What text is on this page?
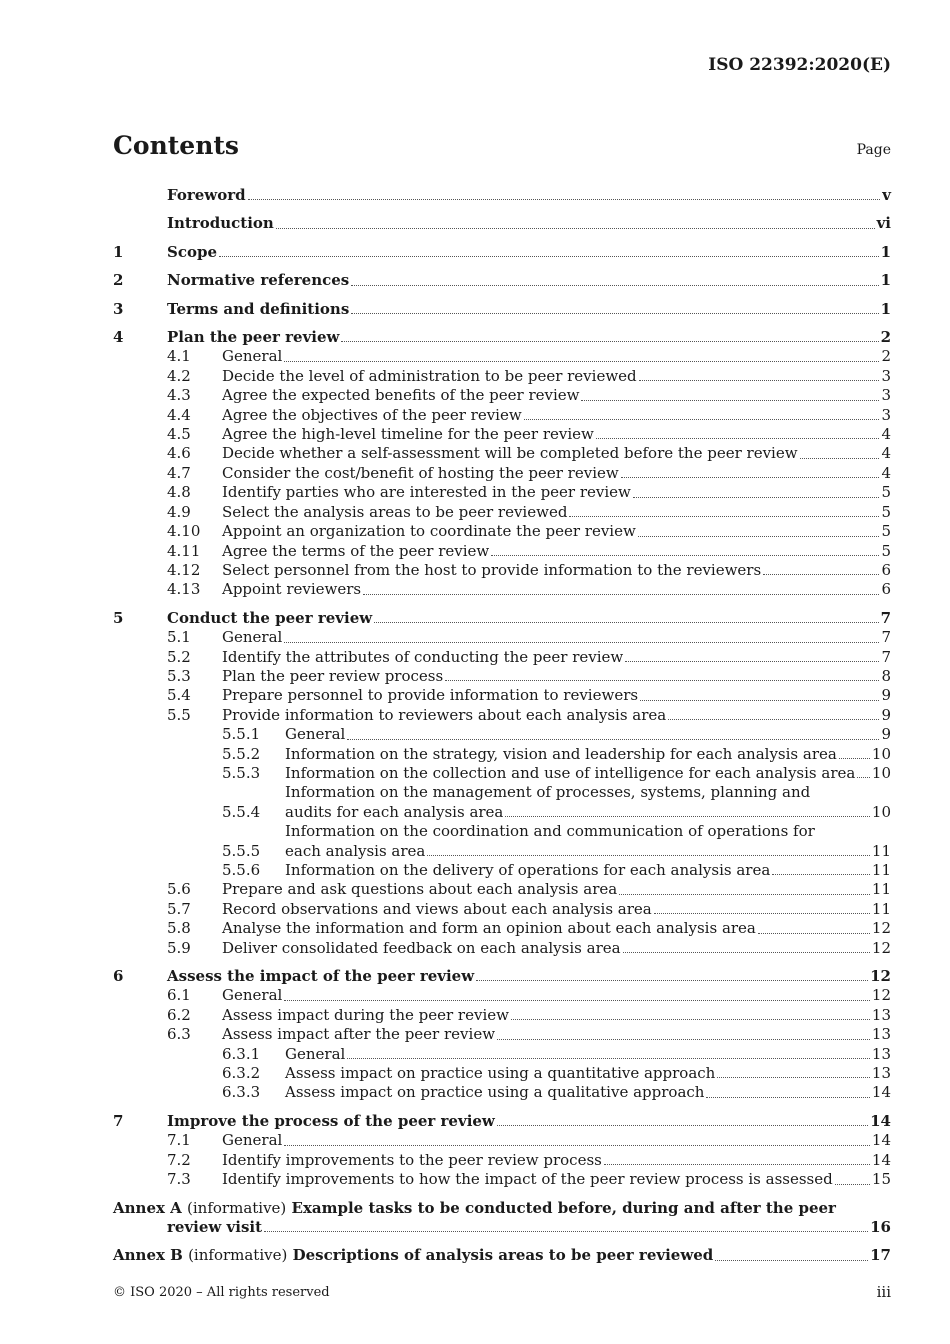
ISO 22392:2020(E)
Contents	Page
Foreword	v
Introduction	vi
1	Scope	1
2	Normative references	1
3	Terms and definitions	1
4	Plan the peer review	2
4.1	General	2
4.2	Decide the level of administration to be peer reviewed	3
4.3	Agree the expected benefits of the peer review	3
4.4	Agree the objectives of the peer review	3
4.5	Agree the high-level timeline for the peer review	4
4.6	Decide whether a self-assessment will be completed before the peer review	4
4.7	Consider the cost/benefit of hosting the peer review	4
4.8	Identify parties who are interested in the peer review	5
4.9	Select the analysis areas to be peer reviewed	5
4.10	Appoint an organization to coordinate the peer review	5
4.11	Agree the terms of the peer review	5
4.12	Select personnel from the host to provide information to the reviewers	6
4.13	Appoint reviewers	6
5	Conduct the peer review	7
5.1	General	7
5.2	Identify the attributes of conducting the peer review	7
5.3	Plan the peer review process	8
5.4	Prepare personnel to provide information to reviewers	9
5.5	Provide information to reviewers about each analysis area	9
5.5.1	General	9
5.5.2	Information on the strategy, vision and leadership for each analysis area 10
5.5.3	Information on the collection and use of intelligence for each analysis area 10
5.5.4
Information on the management of processes, systems, planning and
audits for each analysis area	10
5.5.5
Information on the coordination and communication of operations for
each analysis area	11
5.5.6	Information on the delivery of operations for each analysis area	11
5.6	Prepare and ask questions about each analysis area	11
5.7	Record observations and views about each analysis area	11
5.8	Analyse the information and form an opinion about each analysis area	12
5.9	Deliver consolidated feedback on each analysis area	12
6	Assess the impact of the peer review	12
6.1	General	12
6.2	Assess impact during the peer review	13
6.3	Assess impact after the peer review	13
6.3.1	General	13
6.3.2	Assess impact on practice using a quantitative approach	13
6.3.3	Assess impact on practice using a qualitative approach	14
7	Improve the process of the peer review	14
7.1	General	14
7.2	Identify improvements to the peer review process	14
7.3	Identify improvements to how the impact of the peer review process is assessed	15
Annex A (informative) Example tasks to be conducted before, during and after the peer
review visit	16
Annex B (informative) Descriptions of analysis areas to be peer reviewed	17
© ISO 2020 – All rights reserved	iii
